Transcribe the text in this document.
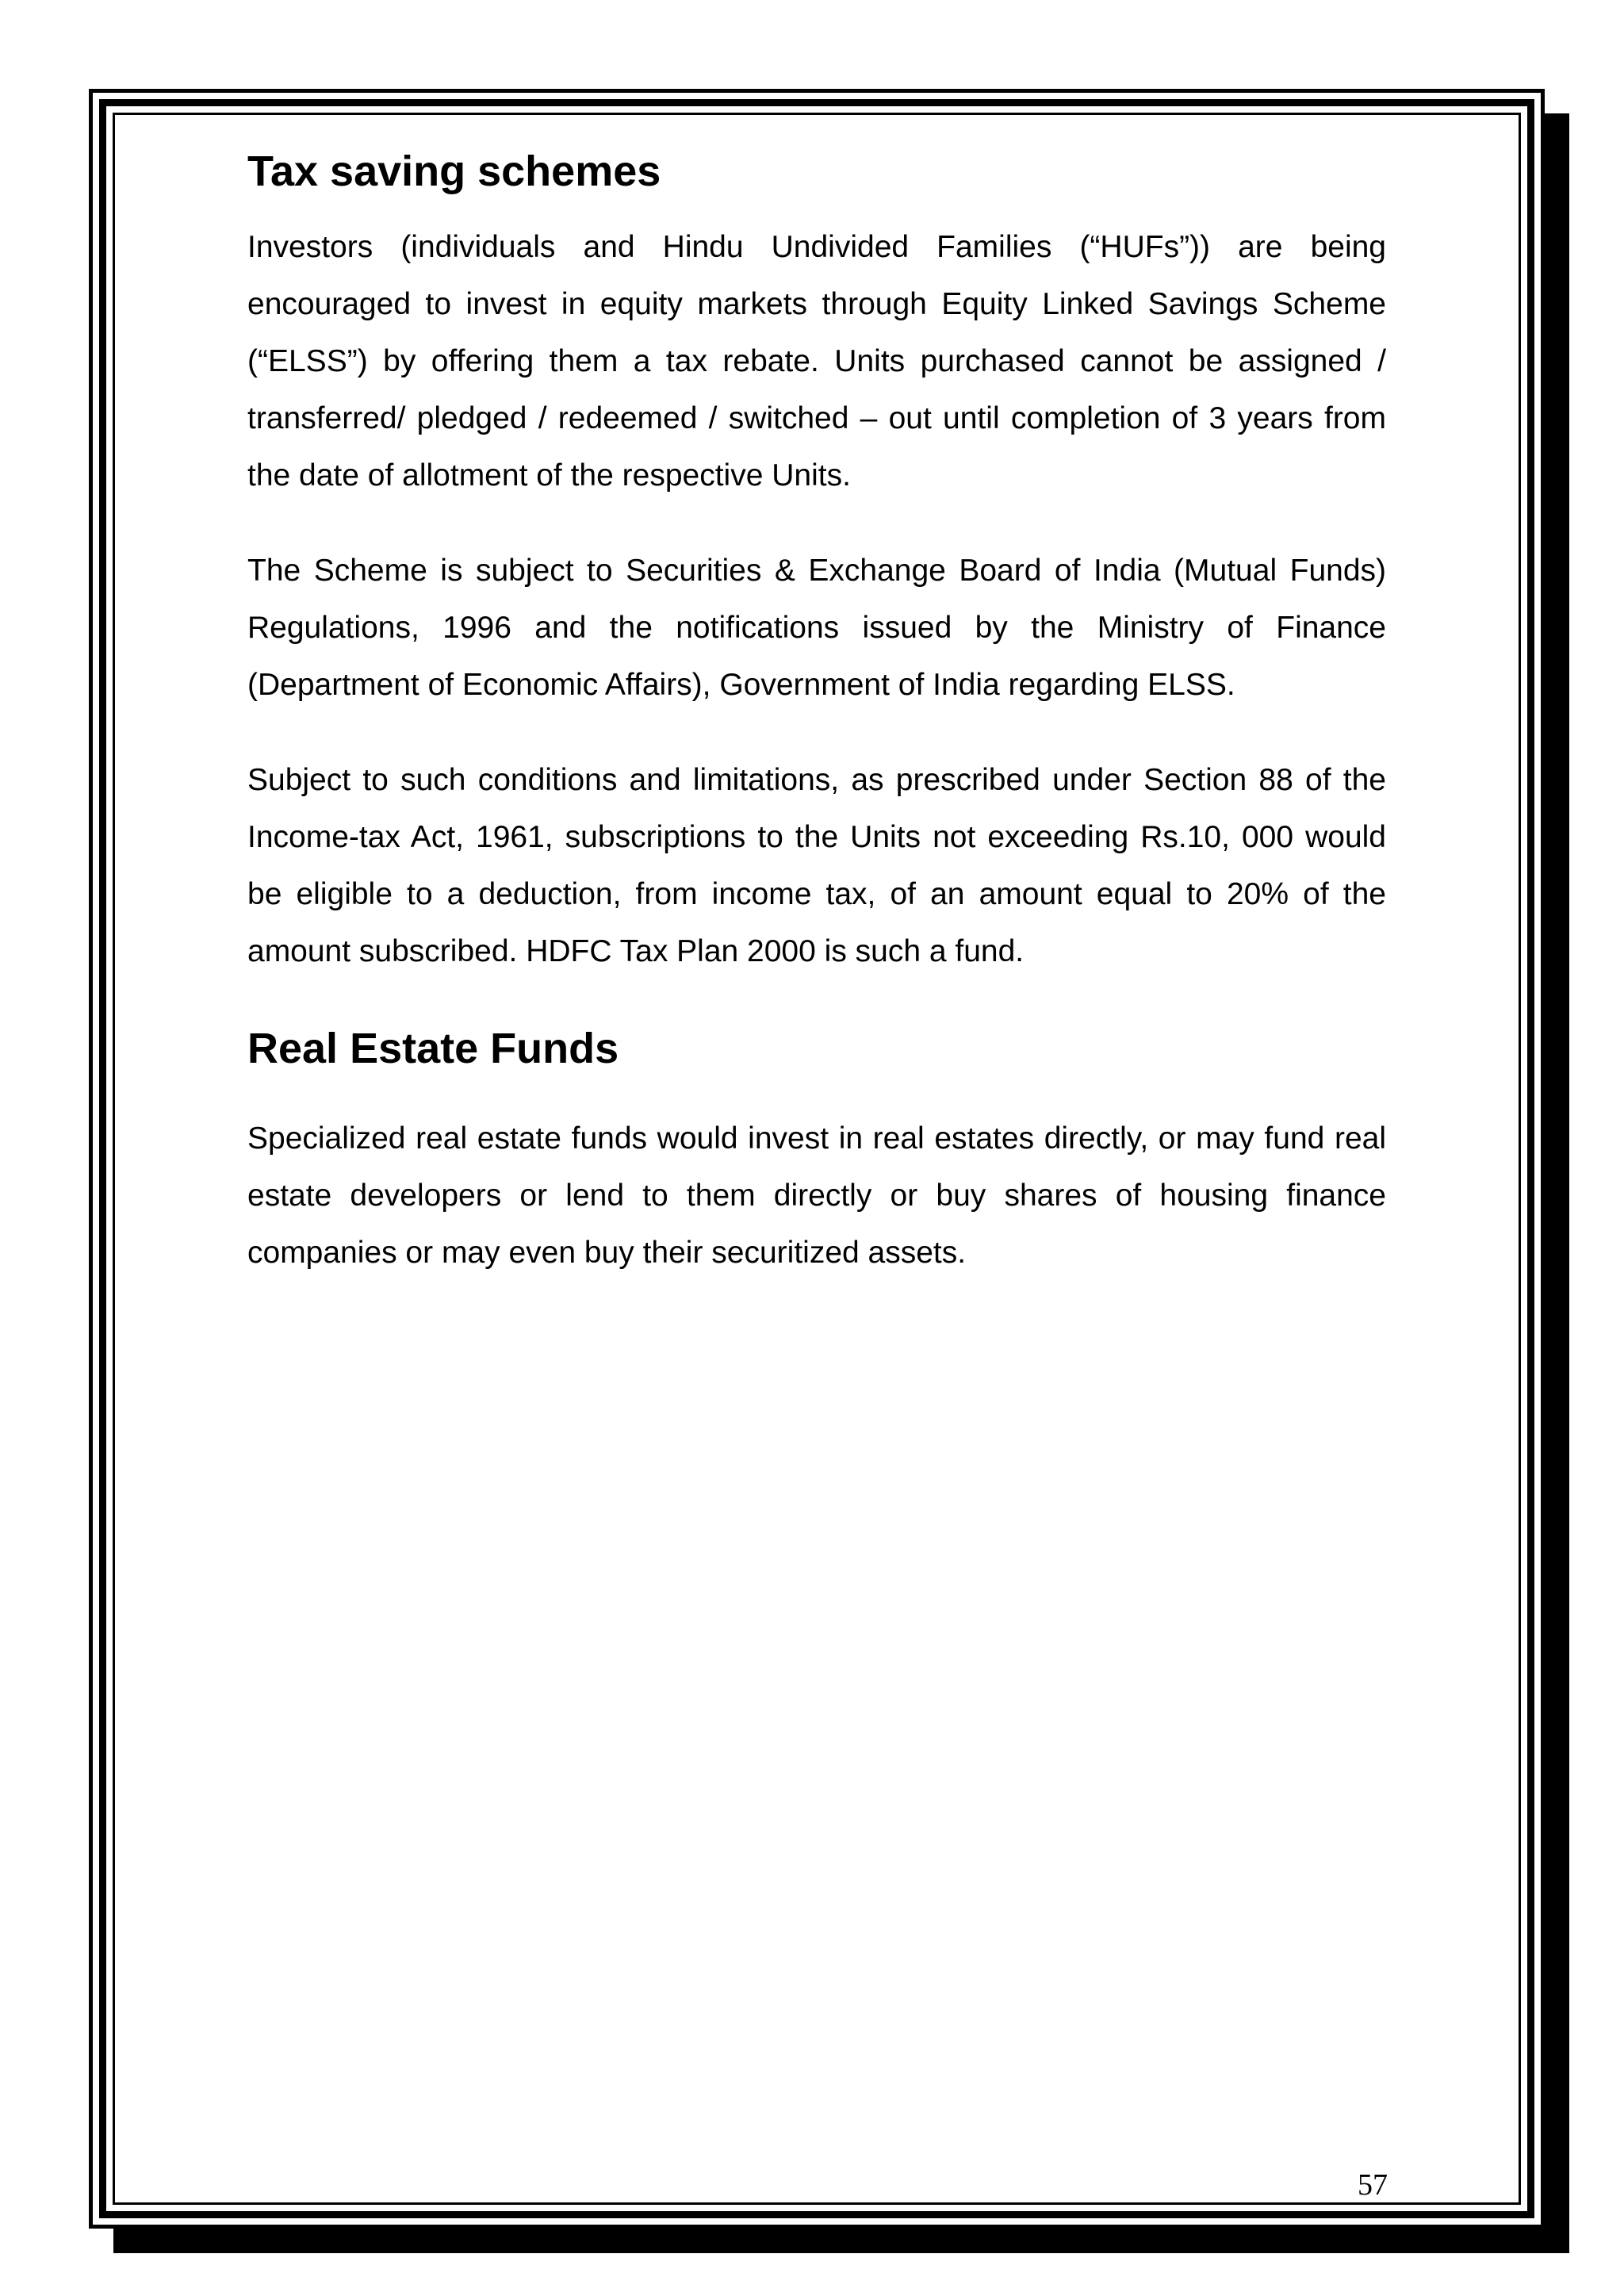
Tax saving schemes

Investors (individuals and Hindu Undivided Families (“HUFs”)) are being encouraged to invest in equity markets through Equity Linked Savings Scheme (“ELSS”) by offering them a tax rebate. Units purchased cannot be assigned / transferred/ pledged / redeemed / switched – out until completion of 3 years from the date of allotment of the respective Units.

The Scheme is subject to Securities & Exchange Board of India (Mutual Funds) Regulations, 1996 and the notifications issued by the Ministry of Finance (Department of Economic Affairs), Government of India regarding ELSS.

Subject to such conditions and limitations, as prescribed under Section 88 of the Income-tax Act, 1961, subscriptions to the Units not exceeding Rs.10, 000 would be eligible to a deduction, from income tax, of an amount equal to 20% of the amount subscribed. HDFC Tax Plan 2000 is such a fund.

Real Estate Funds

Specialized real estate funds would invest in real estates directly, or may fund real estate developers or lend to them directly or buy shares of housing finance companies or may even buy their securitized assets.

57
